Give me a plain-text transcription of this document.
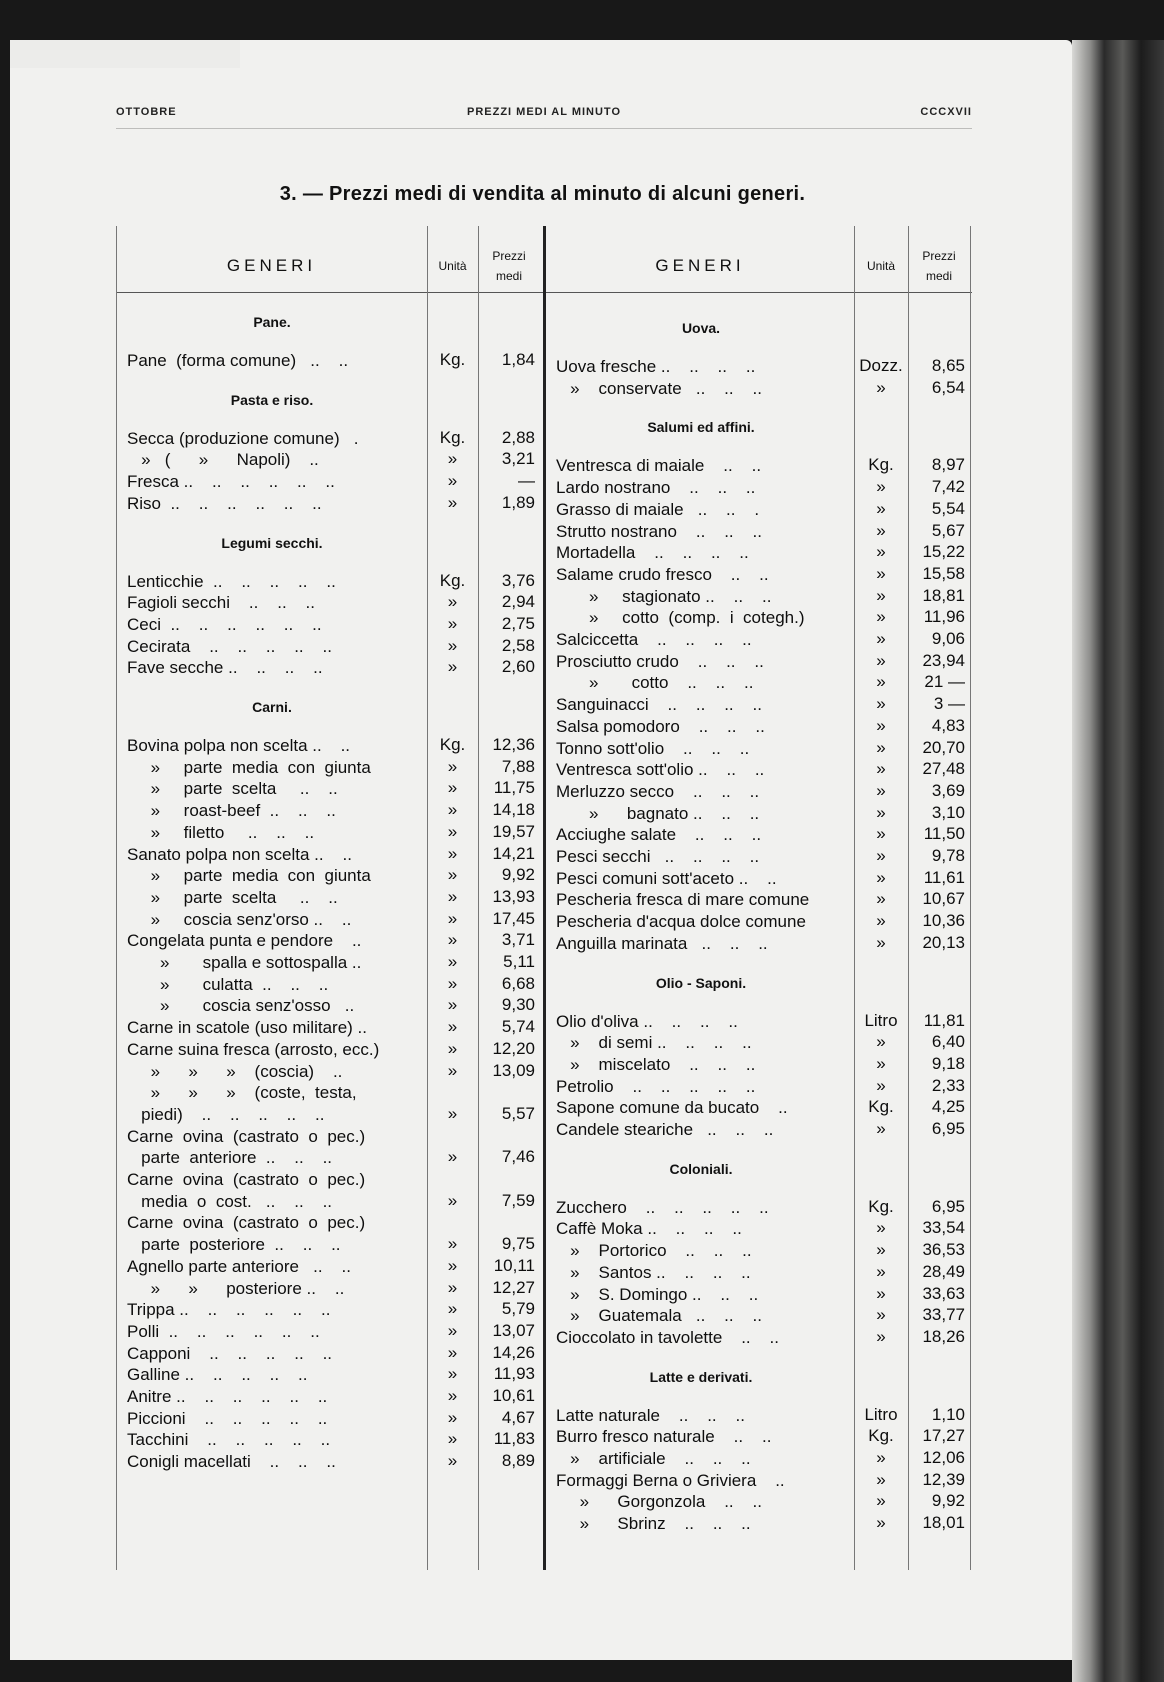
OTTOBRE	PREZZI MEDI AL MINUTO	CCCXVII
3. — Prezzi medi di vendita al minuto di alcuni generi.
GENERI	Unità
Prezzi medi
GENERI	Unità
Prezzi medi
Pane.
Pane  (forma comune)   ..    ..	Kg.	1,84
Pasta e riso.
Secca (produzione comune)   .	Kg.	2,88
»   (      »      Napoli)    ..	»	3,21
Fresca ..    ..    ..    ..    ..    ..	»	—
Riso  ..    ..    ..    ..    ..    ..	»	1,89
Legumi secchi.
Lenticchie  ..    ..    ..    ..    ..	Kg.	3,76
Fagioli secchi    ..    ..    ..	»	2,94
Ceci  ..    ..    ..    ..    ..    ..	»	2,75
Cecirata    ..    ..    ..    ..    ..	»	2,58
Fave secche ..    ..    ..    ..	»	2,60
Carni.
Bovina polpa non scelta ..    ..	Kg.	12,36
»     parte  media  con  giunta	»	7,88
»     parte  scelta     ..    ..	»	11,75
»     roast-beef  ..    ..    ..	»	14,18
»     filetto     ..    ..    ..	»	19,57
Sanato polpa non scelta ..    ..	»	14,21
»     parte  media  con  giunta	»	9,92
»     parte  scelta     ..    ..	»	13,93
»     coscia senz'orso ..    ..	»	17,45
Congelata punta e pendore    ..	»	3,71
»       spalla e sottospalla ..	»	5,11
»       culatta  ..    ..    ..	»	6,68
»       coscia senz'osso   ..	»	9,30
Carne in scatole (uso militare) ..	»	5,74
Carne suina fresca (arrosto, ecc.)	»	12,20
»      »      »    (coscia)    ..	»	13,09
»      »      »    (coste,  testa,
piedi)    ..    ..    ..    ..    ..	»	5,57
Carne  ovina  (castrato  o  pec.)
parte  anteriore  ..    ..    ..	»	7,46
Carne  ovina  (castrato  o  pec.)
media  o  cost.   ..    ..    ..	»	7,59
Carne  ovina  (castrato  o  pec.)
parte  posteriore  ..    ..    ..	»	9,75
Agnello parte anteriore   ..    ..	»	10,11
»      »      posteriore ..    ..	»	12,27
Trippa ..    ..    ..    ..    ..    ..	»	5,79
Polli  ..    ..    ..    ..    ..    ..	»	13,07
Capponi    ..    ..    ..    ..    ..	»	14,26
Galline ..    ..    ..    ..    ..	»	11,93
Anitre ..    ..    ..    ..    ..    ..	»	10,61
Piccioni    ..    ..    ..    ..    ..	»	4,67
Tacchini    ..    ..    ..    ..    ..	»	11,83
Conigli macellati    ..    ..    ..	»	8,89
Uova.
Uova fresche ..    ..    ..    ..	Dozz.	8,65
»    conservate   ..    ..    ..	»	6,54
Salumi ed affini.
Ventresca di maiale    ..    ..	Kg.	8,97
Lardo nostrano    ..    ..    ..	»	7,42
Grasso di maiale   ..    ..    .	»	5,54
Strutto nostrano    ..    ..    ..	»	5,67
Mortadella    ..    ..    ..    ..	»	15,22
Salame crudo fresco    ..    ..	»	15,58
»     stagionato ..    ..    ..	»	18,81
»     cotto  (comp.  i  cotegh.)	»	11,96
Salciccetta    ..    ..    ..    ..	»	9,06
Prosciutto crudo    ..    ..    ..	»	23,94
»       cotto    ..    ..    ..	»	21 —
Sanguinacci    ..    ..    ..    ..	»	3 —
Salsa pomodoro    ..    ..    ..	»	4,83
Tonno sott'olio    ..    ..    ..	»	20,70
Ventresca sott'olio ..    ..    ..	»	27,48
Merluzzo secco    ..    ..    ..	»	3,69
»      bagnato ..    ..    ..	»	3,10
Acciughe salate    ..    ..    ..	»	11,50
Pesci secchi   ..    ..    ..    ..	»	9,78
Pesci comuni sott'aceto ..    ..	»	11,61
Pescheria fresca di mare comune	»	10,67
Pescheria d'acqua dolce comune	»	10,36
Anguilla marinata   ..    ..    ..	»	20,13
Olio - Saponi.
Olio d'oliva ..    ..    ..    ..	Litro	11,81
»    di semi ..    ..    ..    ..	»	6,40
»    miscelato    ..    ..    ..	»	9,18
Petrolio    ..    ..    ..    ..    ..	»	2,33
Sapone comune da bucato    ..	Kg.	4,25
Candele steariche   ..    ..    ..	»	6,95
Coloniali.
Zucchero    ..    ..    ..    ..    ..	Kg.	6,95
Caffè Moka ..    ..    ..    ..	»	33,54
»    Portorico    ..    ..    ..	»	36,53
»    Santos ..    ..    ..    ..	»	28,49
»    S. Domingo ..    ..    ..	»	33,63
»    Guatemala   ..    ..    ..	»	33,77
Cioccolato in tavolette    ..    ..	»	18,26
Latte e derivati.
Latte naturale    ..    ..    ..	Litro	1,10
Burro fresco naturale    ..    ..	Kg.	17,27
»    artificiale    ..    ..    ..	»	12,06
Formaggi Berna o Griviera    ..	»	12,39
»      Gorgonzola    ..    ..	»	9,92
»      Sbrinz    ..    ..    ..	»	18,01
